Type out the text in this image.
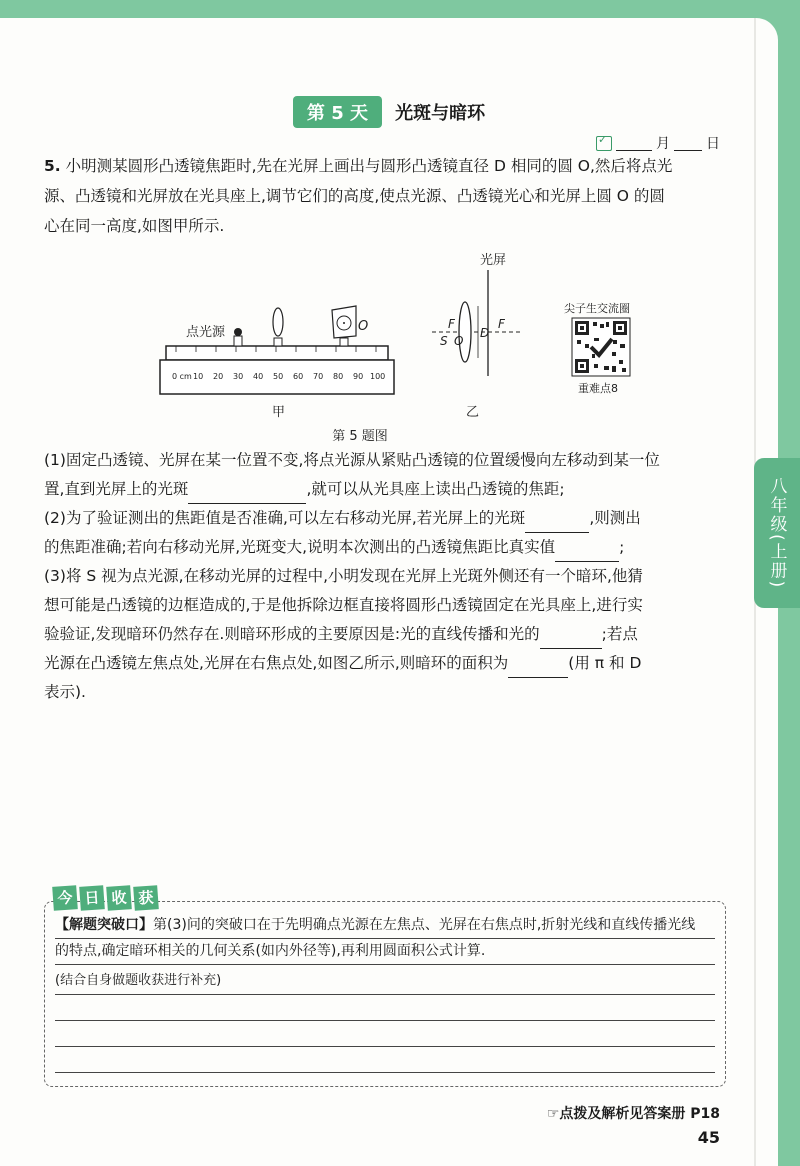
第 5 天 光斑与暗环
✓
月	日
5. 小明测某圆形凸透镜焦距时,先在光屏上画出与圆形凸透镜直径 D 相同的圆 O,然后将点光
源、凸透镜和光屏放在光具座上,调节它们的高度,使点光源、凸透镜光心和光屏上圆 O 的圆
心在同一高度,如图甲所示.
0 cm 10 20 30 40 50 60 70 80 90 100
点光源	O
甲
光屏
F	F
S O
D
乙
尖子生交流圈
重难点8
第 5 题图
(1)固定凸透镜、光屏在某一位置不变,将点光源从紧贴凸透镜的位置缓慢向左移动到某一位
置,直到光屏上的光斑	,就可以从光具座上读出凸透镜的焦距;
(2)为了验证测出的焦距值是否准确,可以左右移动光屏,若光屏上的光斑	,则测出
的焦距准确;若向右移动光屏,光斑变大,说明本次测出的凸透镜焦距比真实值	;
(3)将 S 视为点光源,在移动光屏的过程中,小明发现在光屏上光斑外侧还有一个暗环,他猜
想可能是凸透镜的边框造成的,于是他拆除边框直接将圆形凸透镜固定在光具座上,进行实
验验证,发现暗环仍然存在.则暗环形成的主要原因是:光的直线传播和光的	;若点
光源在凸透镜左焦点处,光屏在右焦点处,如图乙所示,则暗环的面积为	(用 π 和 D
表示).
今 日 收 获
【解题突破口】第(3)问的突破口在于先明确点光源在左焦点、光屏在右焦点时,折射光线和直线传播光线
的特点,确定暗环相关的几何关系(如内外径等),再利用圆面积公式计算.
(结合自身做题收获进行补充)
☞点拨及解析见答案册 P18
45
八年级(上册)
